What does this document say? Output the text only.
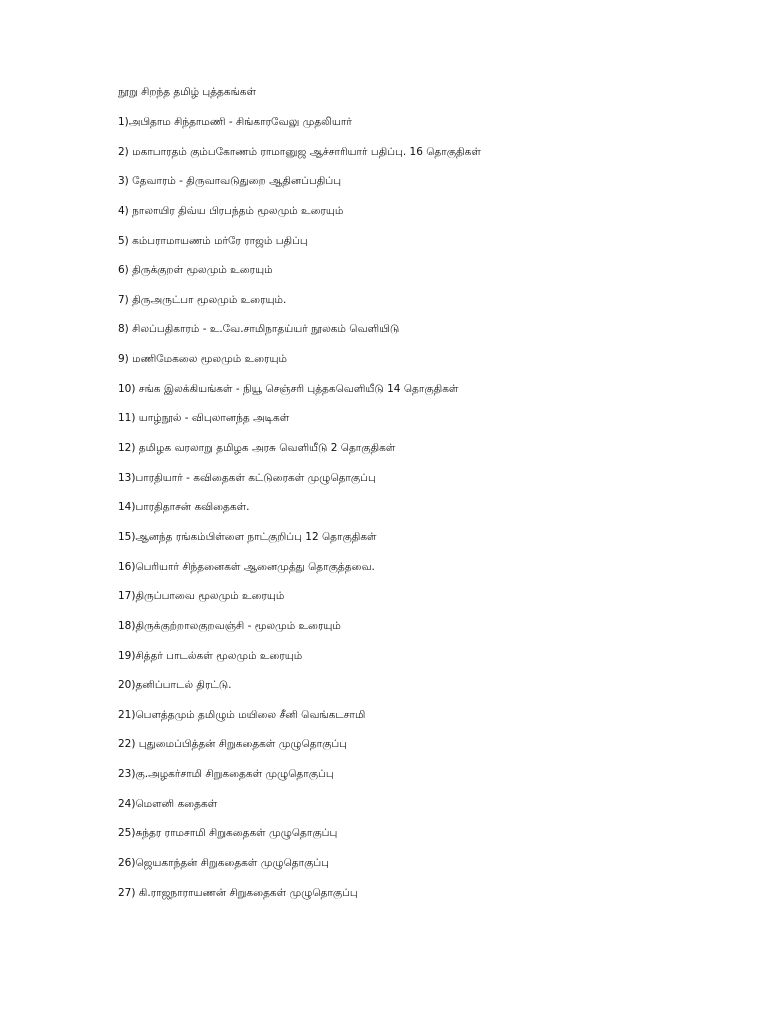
நூறு சிறந்த தமிழ் புத்தகங்கள்
1)அபிதாம சிந்தாமணி - சிங்காரவேலு முதலியார்
2) மகாபாரதம் கும்பகோணம் ராமானுஜ ஆச்சாரியார் பதிப்பு. 16 தொகுதிகள்
3) தேவாரம் - திருவாவடுதுறை ஆதினப்பதிப்பு
4) நாலாயிர திவ்ய பிரபந்தம் மூலமும் உரையும்
5) கம்பராமாயணம் மர்ரே ராஜம் பதிப்பு
6) திருக்குறள் மூலமும் உரையும்
7) திருஅருட்பா மூலமும் உரையும்.
8) சிலப்பதிகாரம் - உ.வே.சாமிநாதய்யர் நூலகம் வெளியிடு
9) மணிமேகலை மூலமும் உரையும்
10) சங்க இலக்கியங்கள் - நியூ செஞ்சரி புத்தகவெளியீடு 14 தொகுதிகள்
11) யாழ்நூல் - விபுலானந்த அடிகள்
12) தமிழக வரலாறு தமிழக அரசு வெளியீடு 2 தொகுதிகள்
13)பாரதியார் - கவிதைகள் கட்டுரைகள் முழுதொகுப்பு
14)பாரதிதாசன் கவிதைகள்.
15)ஆனந்த ரங்கம்பிள்ளை நாட்குறிப்பு 12 தொகுதிகள்
16)பெரியார் சிந்தனைகள் ஆனைமுத்து தொகுத்தவை.
17)திருப்பாவை மூலமும் உரையும்
18)திருக்குற்றாலகுறவஞ்சி - மூலமும் உரையும்
19)சித்தர் பாடல்கள் மூலமும் உரையும்
20)தனிப்பாடல் திரட்டு.
21)பௌத்தமும் தமிழும் மயிலை சீனி வெங்கடசாமி
22) புதுமைப்பித்தன் சிறுகதைகள் முழுதொகுப்பு
23)கு.அழகர்சாமி சிறுகதைகள் முழுதொகுப்பு
24)மௌனி கதைகள்
25)சுந்தர ராமசாமி சிறுகதைகள் முழுதொகுப்பு
26)ஜெயகாந்தன் சிறுகதைகள் முழுதொகுப்பு
27) கி.ராஜநாராயணன் சிறுகதைகள் முழுதொகுப்பு
